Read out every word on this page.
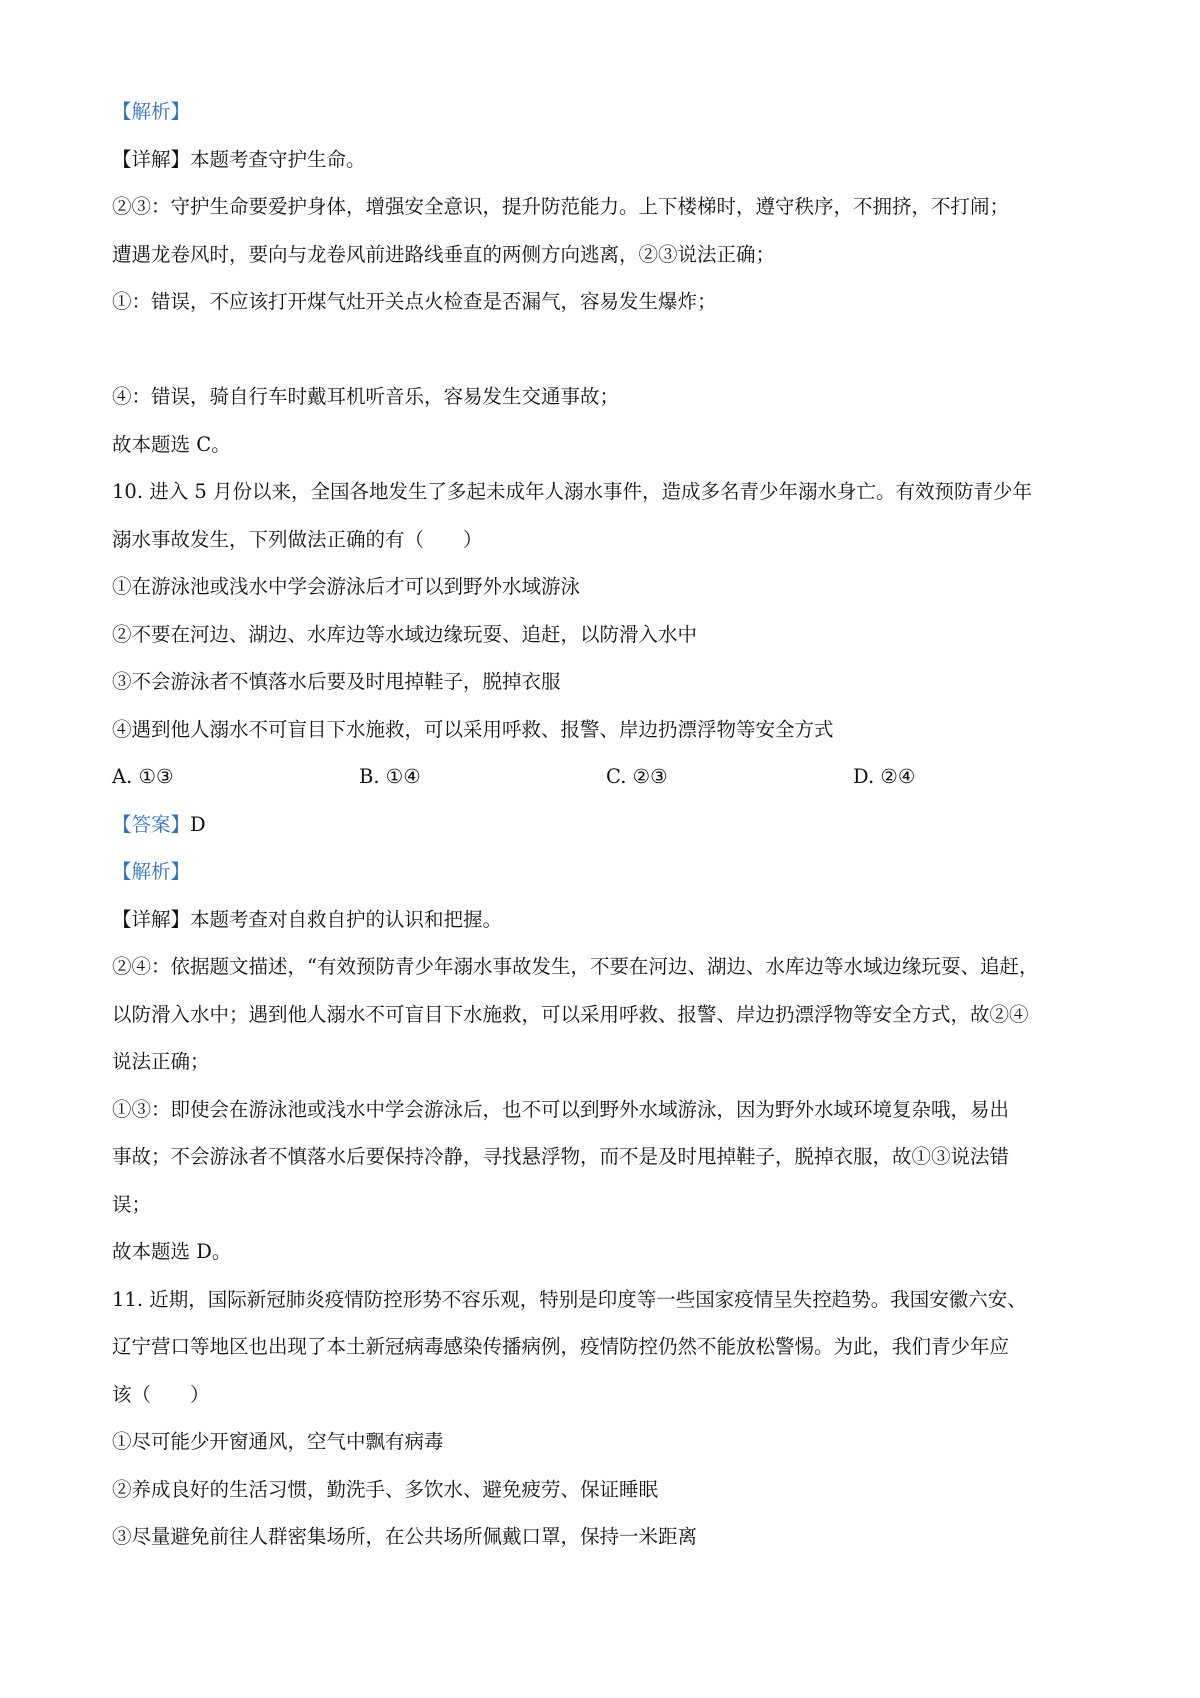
【解析】
【详解】本题考查守护生命。
②③：守护生命要爱护身体，增强安全意识，提升防范能力。上下楼梯时，遵守秩序，不拥挤，不打闹；
遭遇龙卷风时，要向与龙卷风前进路线垂直的两侧方向逃离，②③说法正确；
①：错误，不应该打开煤气灶开关点火检查是否漏气，容易发生爆炸；
④：错误，骑自行车时戴耳机听音乐，容易发生交通事故；
故本题选 C。
10. 进入 5 月份以来，全国各地发生了多起未成年人溺水事件，造成多名青少年溺水身亡。有效预防青少年
溺水事故发生，下列做法正确的有（　　）
①在游泳池或浅水中学会游泳后才可以到野外水域游泳
②不要在河边、湖边、水库边等水域边缘玩耍、追赶，以防滑入水中
③不会游泳者不慎落水后要及时甩掉鞋子，脱掉衣服
④遇到他人溺水不可盲目下水施救，可以采用呼救、报警、岸边扔漂浮物等安全方式
A. ①③	B. ①④	C. ②③	D. ②④
【答案】D
【解析】
【详解】本题考查对自救自护的认识和把握。
②④：依据题文描述，“有效预防青少年溺水事故发生，不要在河边、湖边、水库边等水域边缘玩耍、追赶，
以防滑入水中；遇到他人溺水不可盲目下水施救，可以采用呼救、报警、岸边扔漂浮物等安全方式，故②④
说法正确；
①③：即使会在游泳池或浅水中学会游泳后，也不可以到野外水域游泳，因为野外水域环境复杂哦，易出
事故；不会游泳者不慎落水后要保持冷静，寻找悬浮物，而不是及时甩掉鞋子，脱掉衣服，故①③说法错
误；
故本题选 D。
11. 近期，国际新冠肺炎疫情防控形势不容乐观，特别是印度等一些国家疫情呈失控趋势。我国安徽六安、
辽宁营口等地区也出现了本土新冠病毒感染传播病例，疫情防控仍然不能放松警惕。为此，我们青少年应
该（　　）
①尽可能少开窗通风，空气中飘有病毒
②养成良好的生活习惯，勤洗手、多饮水、避免疲劳、保证睡眠
③尽量避免前往人群密集场所，在公共场所佩戴口罩，保持一米距离
